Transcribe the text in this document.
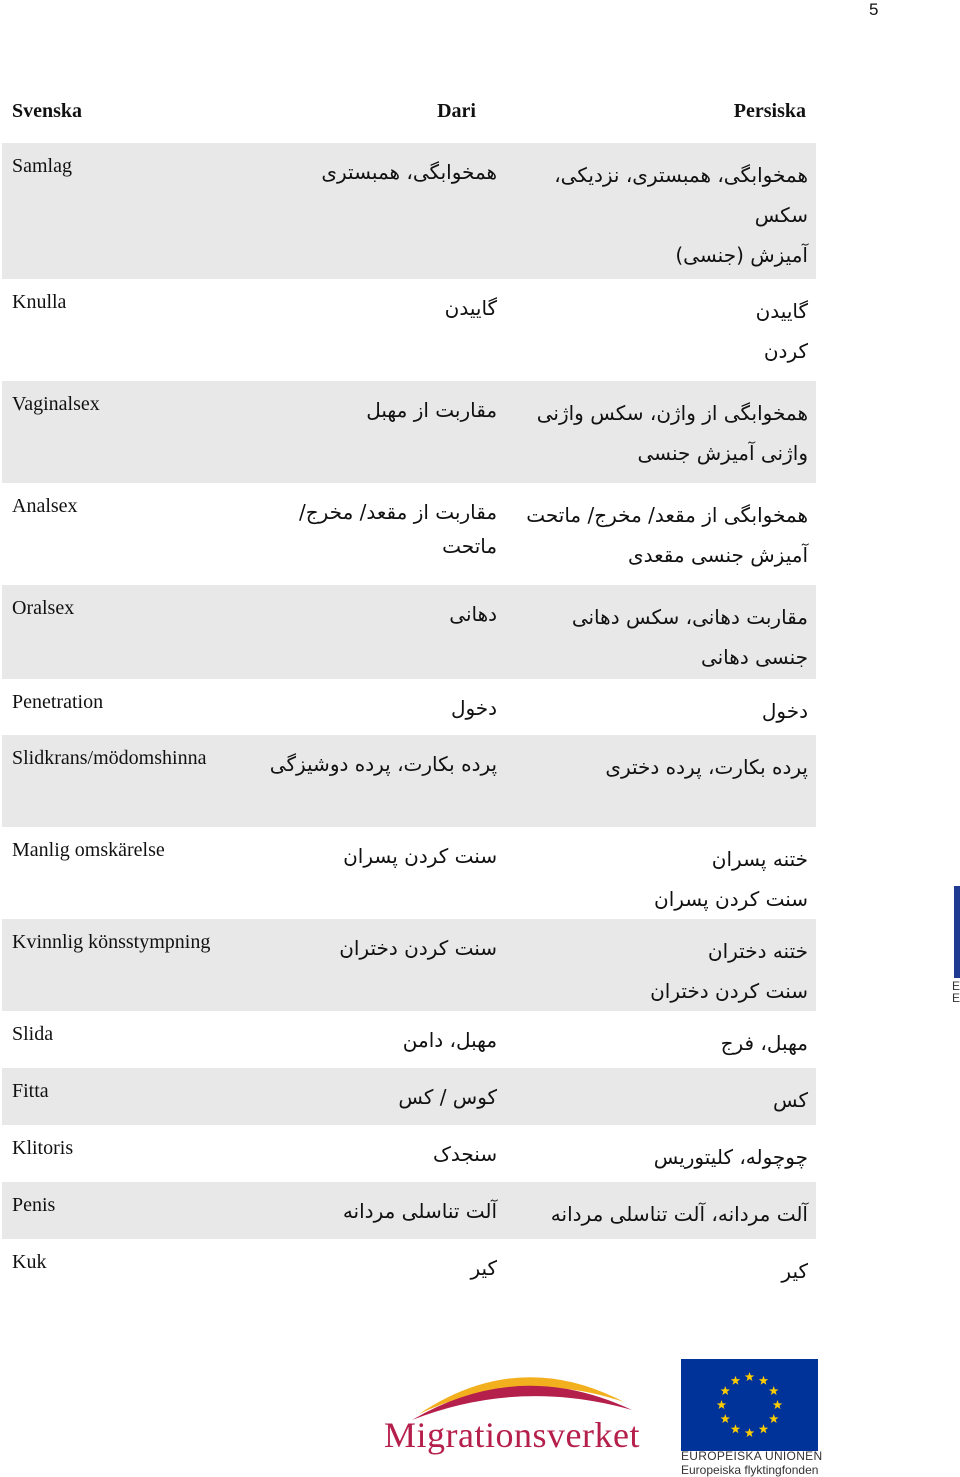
5
Svenska	Dari	Persiska
Samlag	همخوابگی، همبستری	همخوابگی، همبستری، نزدیکی،
سکس
آمیزش (جنسی)

Knulla	گاییدن	گاییدن
کردن

Vaginalsex	مقاربت از مهبل	همخوابگی از واژن، سکس واژنی
واژنی آمیزش جنسی

Analsex	مقاربت از مقعد/ مخرج/ ماتحت	همخوابگی از مقعد/ مخرج/ ماتحت
آمیزش جنسی مقعدی

Oralsex	دهانی	مقاربت دهانی، سکس دهانی
جنسی دهانی

Penetration	دخول	دخول

Slidkrans/mödomshinna	پرده بکارت، پرده دوشیزگی	پرده بکارت، پرده دختری

Manlig omskärelse	سنت کردن پسران	ختنه پسران
سنت کردن پسران

Kvinnlig könsstympning	سنت کردن دختران	ختنه دختران
سنت کردن دختران

Slida	مهبل، دامن	مهبل، فرج

Fitta	کوس / کس	کس

Klitoris	سنجدک	چوچوله، کلیتوریس

Penis	آلت تناسلی مردانه	آلت مردانه، آلت تناسلی مردانه

Kuk	کیر	کیر
E
E
Migrationsverket
EUROPEISKA UNIONEN
Europeiska flyktingfonden
